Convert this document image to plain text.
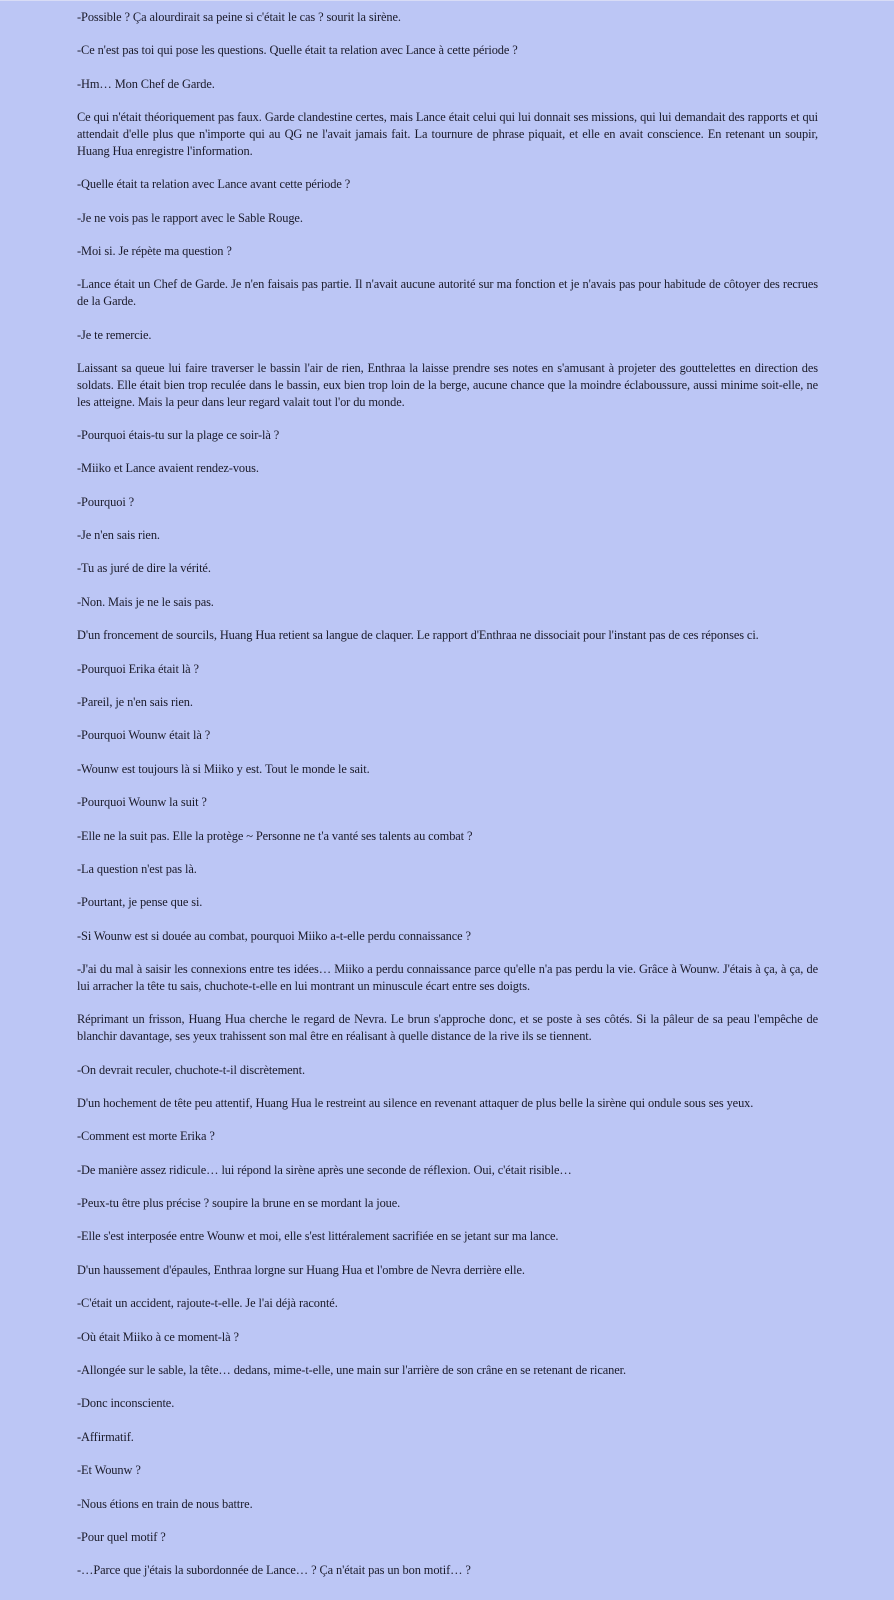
-Possible ? Ça alourdirait sa peine si c'était le cas ? sourit la sirène.

-Ce n'est pas toi qui pose les questions. Quelle était ta relation avec Lance à cette période ?

-Hm… Mon Chef de Garde.

Ce qui n'était théoriquement pas faux. Garde clandestine certes, mais Lance était celui qui lui donnait ses missions, qui lui demandait des rapports et qui attendait d'elle plus que n'importe qui au QG ne l'avait jamais fait. La tournure de phrase piquait, et elle en avait conscience. En retenant un soupir, Huang Hua enregistre l'information.

-Quelle était ta relation avec Lance avant cette période ?

-Je ne vois pas le rapport avec le Sable Rouge.

-Moi si. Je répète ma question ?

-Lance était un Chef de Garde. Je n'en faisais pas partie. Il n'avait aucune autorité sur ma fonction et je n'avais pas pour habitude de côtoyer des recrues de la Garde.

-Je te remercie.

Laissant sa queue lui faire traverser le bassin l'air de rien, Enthraa la laisse prendre ses notes en s'amusant à projeter des gouttelettes en direction des soldats. Elle était bien trop reculée dans le bassin, eux bien trop loin de la berge, aucune chance que la moindre éclaboussure, aussi minime soit-elle, ne les atteigne. Mais la peur dans leur regard valait tout l'or du monde.

-Pourquoi étais-tu sur la plage ce soir-là ?

-Miiko et Lance avaient rendez-vous.

-Pourquoi ?

-Je n'en sais rien.

-Tu as juré de dire la vérité.

-Non. Mais je ne le sais pas.

D'un froncement de sourcils, Huang Hua retient sa langue de claquer. Le rapport d'Enthraa ne dissociait pour l'instant pas de ces réponses ci.

-Pourquoi Erika était là ?

-Pareil, je n'en sais rien.

-Pourquoi Wounw était là ?

-Wounw est toujours là si Miiko y est. Tout le monde le sait.

-Pourquoi Wounw la suit ?

-Elle ne la suit pas. Elle la protège ~ Personne ne t'a vanté ses talents au combat ?

-La question n'est pas là.

-Pourtant, je pense que si.

-Si Wounw est si douée au combat, pourquoi Miiko a-t-elle perdu connaissance ?

-J'ai du mal à saisir les connexions entre tes idées… Miiko a perdu connaissance parce qu'elle n'a pas perdu la vie. Grâce à Wounw. J'étais à ça, à ça, de lui arracher la tête tu sais, chuchote-t-elle en lui montrant un minuscule écart entre ses doigts.

Réprimant un frisson, Huang Hua cherche le regard de Nevra. Le brun s'approche donc, et se poste à ses côtés. Si la pâleur de sa peau l'empêche de blanchir davantage, ses yeux trahissent son mal être en réalisant à quelle distance de la rive ils se tiennent.

-On devrait reculer, chuchote-t-il discrètement.

D'un hochement de tête peu attentif, Huang Hua le restreint au silence en revenant attaquer de plus belle la sirène qui ondule sous ses yeux.

-Comment est morte Erika ?

-De manière assez ridicule… lui répond la sirène après une seconde de réflexion. Oui, c'était risible…

-Peux-tu être plus précise ? soupire la brune en se mordant la joue.

-Elle s'est interposée entre Wounw et moi, elle s'est littéralement sacrifiée en se jetant sur ma lance.

D'un haussement d'épaules, Enthraa lorgne sur Huang Hua et l'ombre de Nevra derrière elle.

-C'était un accident, rajoute-t-elle. Je l'ai déjà raconté.

-Où était Miiko à ce moment-là ?

-Allongée sur le sable, la tête… dedans, mime-t-elle, une main sur l'arrière de son crâne en se retenant de ricaner.

-Donc inconsciente.

-Affirmatif.

-Et Wounw ?

-Nous étions en train de nous battre.

-Pour quel motif ?

-…Parce que j'étais la subordonnée de Lance… ? Ça n'était pas un bon motif… ?
